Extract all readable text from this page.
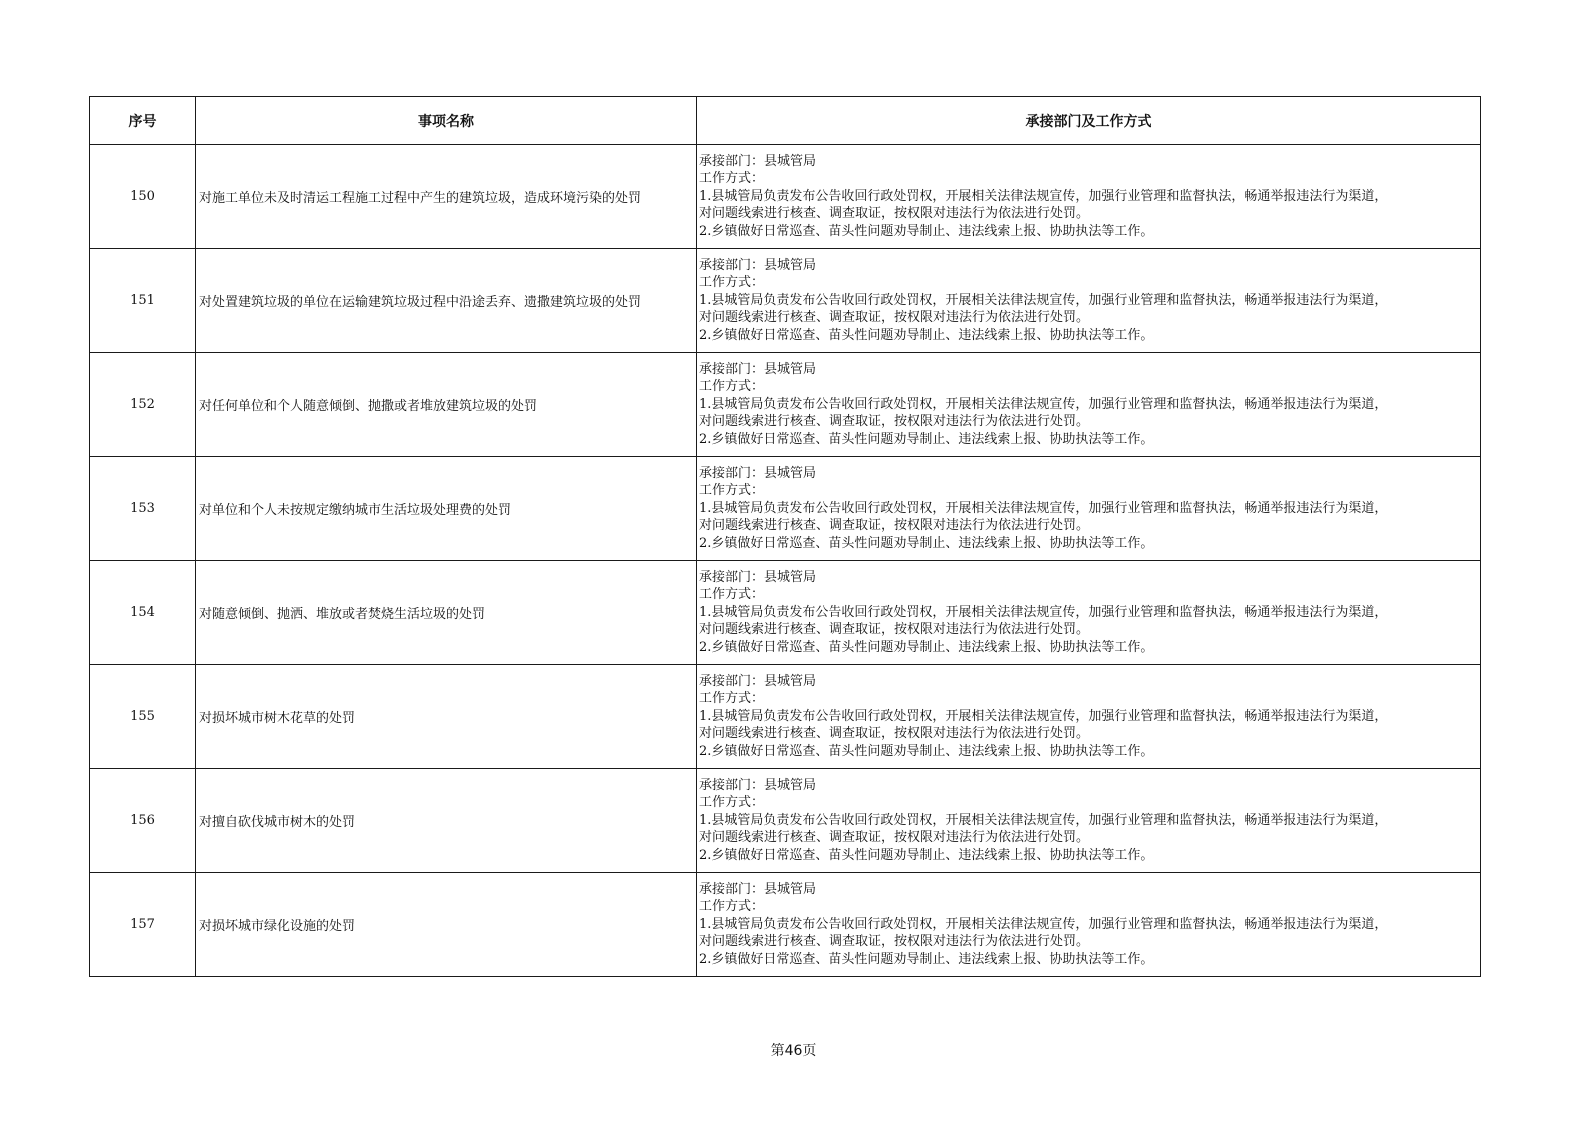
序号	事项名称	承接部门及工作方式
150	对施工单位未及时清运工程施工过程中产生的建筑垃圾，造成环境污染的处罚	承接部门：县城管局
工作方式：
1.县城管局负责发布公告收回行政处罚权，开展相关法律法规宣传，加强行业管理和监督执法，畅通举报违法行为渠道，
对问题线索进行核查、调查取证，按权限对违法行为依法进行处罚。
2.乡镇做好日常巡查、苗头性问题劝导制止、违法线索上报、协助执法等工作。

151	对处置建筑垃圾的单位在运输建筑垃圾过程中沿途丢弃、遗撒建筑垃圾的处罚	承接部门：县城管局
工作方式：
1.县城管局负责发布公告收回行政处罚权，开展相关法律法规宣传，加强行业管理和监督执法，畅通举报违法行为渠道，
对问题线索进行核查、调查取证，按权限对违法行为依法进行处罚。
2.乡镇做好日常巡查、苗头性问题劝导制止、违法线索上报、协助执法等工作。

152	对任何单位和个人随意倾倒、抛撒或者堆放建筑垃圾的处罚	承接部门：县城管局
工作方式：
1.县城管局负责发布公告收回行政处罚权，开展相关法律法规宣传，加强行业管理和监督执法，畅通举报违法行为渠道，
对问题线索进行核查、调查取证，按权限对违法行为依法进行处罚。
2.乡镇做好日常巡查、苗头性问题劝导制止、违法线索上报、协助执法等工作。

153	对单位和个人未按规定缴纳城市生活垃圾处理费的处罚	承接部门：县城管局
工作方式：
1.县城管局负责发布公告收回行政处罚权，开展相关法律法规宣传，加强行业管理和监督执法，畅通举报违法行为渠道，
对问题线索进行核查、调查取证，按权限对违法行为依法进行处罚。
2.乡镇做好日常巡查、苗头性问题劝导制止、违法线索上报、协助执法等工作。

154	对随意倾倒、抛洒、堆放或者焚烧生活垃圾的处罚	承接部门：县城管局
工作方式：
1.县城管局负责发布公告收回行政处罚权，开展相关法律法规宣传，加强行业管理和监督执法，畅通举报违法行为渠道，
对问题线索进行核查、调查取证，按权限对违法行为依法进行处罚。
2.乡镇做好日常巡查、苗头性问题劝导制止、违法线索上报、协助执法等工作。

155	对损坏城市树木花草的处罚	承接部门：县城管局
工作方式：
1.县城管局负责发布公告收回行政处罚权，开展相关法律法规宣传，加强行业管理和监督执法，畅通举报违法行为渠道，
对问题线索进行核查、调查取证，按权限对违法行为依法进行处罚。
2.乡镇做好日常巡查、苗头性问题劝导制止、违法线索上报、协助执法等工作。

156	对擅自砍伐城市树木的处罚	承接部门：县城管局
工作方式：
1.县城管局负责发布公告收回行政处罚权，开展相关法律法规宣传，加强行业管理和监督执法，畅通举报违法行为渠道，
对问题线索进行核查、调查取证，按权限对违法行为依法进行处罚。
2.乡镇做好日常巡查、苗头性问题劝导制止、违法线索上报、协助执法等工作。

157	对损坏城市绿化设施的处罚	承接部门：县城管局
工作方式：
1.县城管局负责发布公告收回行政处罚权，开展相关法律法规宣传，加强行业管理和监督执法，畅通举报违法行为渠道，
对问题线索进行核查、调查取证，按权限对违法行为依法进行处罚。
2.乡镇做好日常巡查、苗头性问题劝导制止、违法线索上报、协助执法等工作。
第46页
